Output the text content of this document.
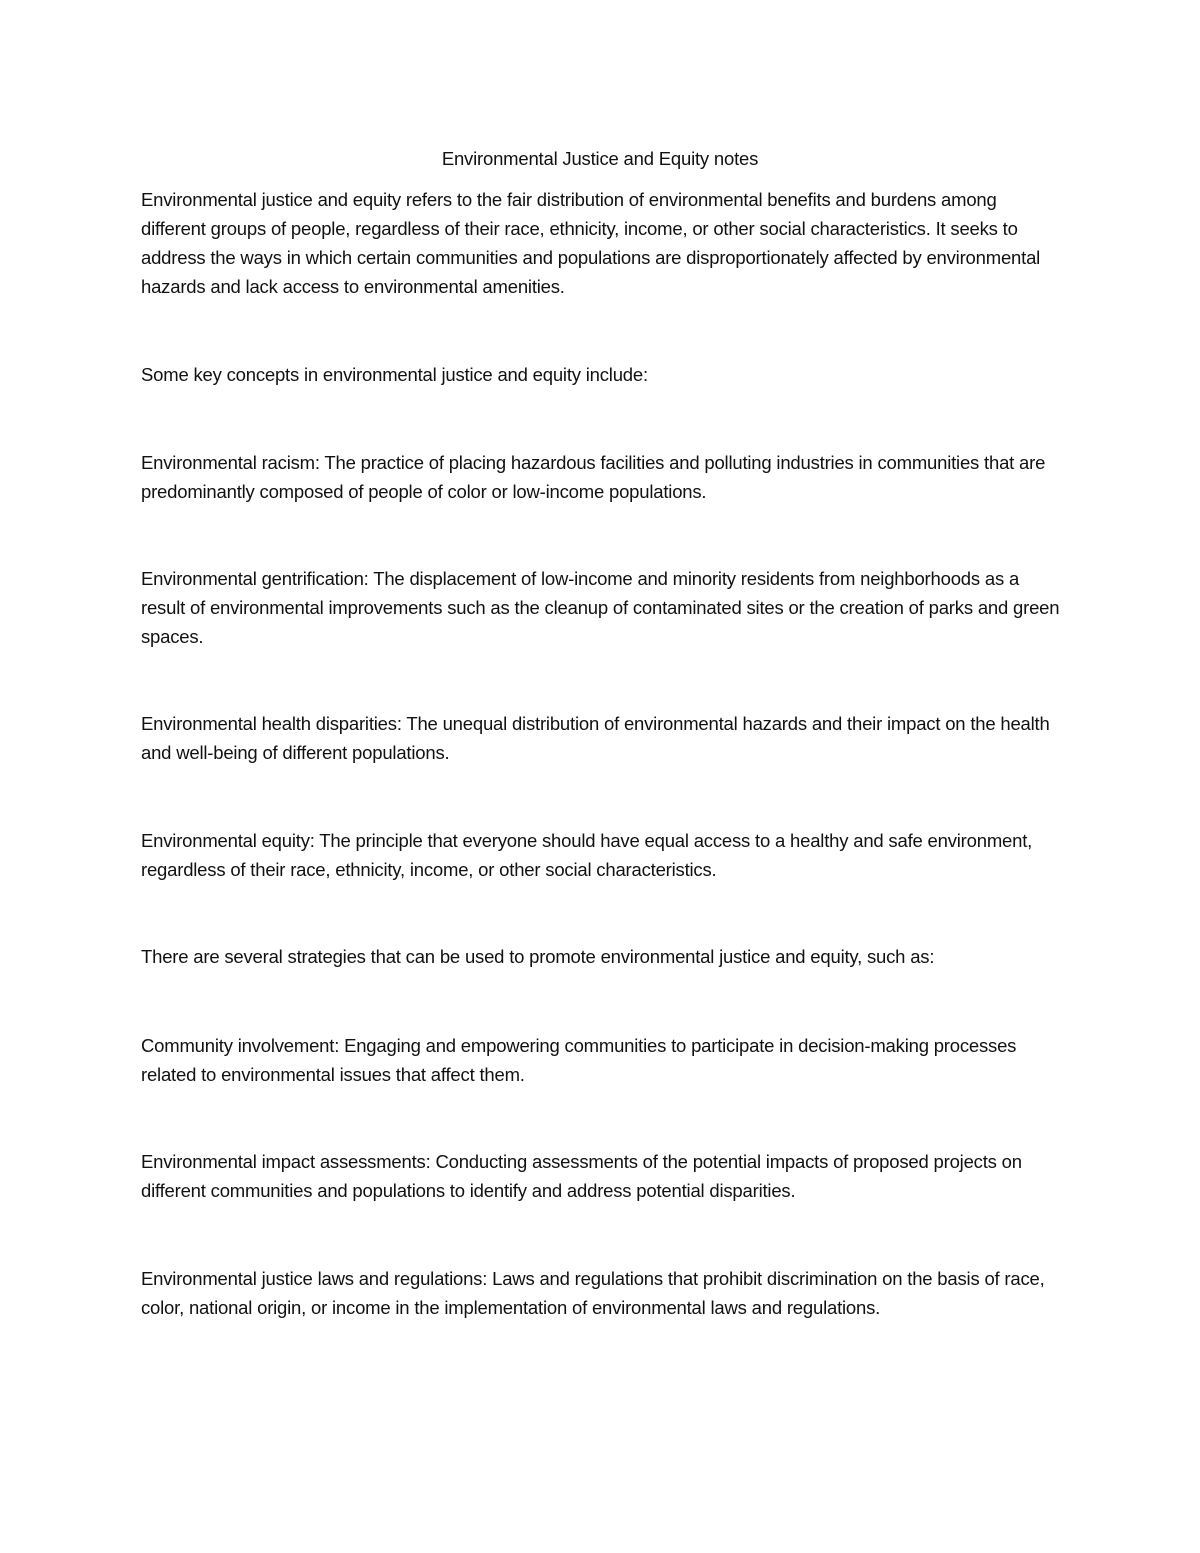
Environmental Justice and Equity notes

Environmental justice and equity refers to the fair distribution of environmental benefits and burdens among different groups of people, regardless of their race, ethnicity, income, or other social characteristics. It seeks to address the ways in which certain communities and populations are disproportionately affected by environmental hazards and lack access to environmental amenities.

Some key concepts in environmental justice and equity include:

Environmental racism: The practice of placing hazardous facilities and polluting industries in communities that are predominantly composed of people of color or low-income populations.

Environmental gentrification: The displacement of low-income and minority residents from neighborhoods as a result of environmental improvements such as the cleanup of contaminated sites or the creation of parks and green spaces.

Environmental health disparities: The unequal distribution of environmental hazards and their impact on the health and well-being of different populations.

Environmental equity: The principle that everyone should have equal access to a healthy and safe environment, regardless of their race, ethnicity, income, or other social characteristics.

There are several strategies that can be used to promote environmental justice and equity, such as:

Community involvement: Engaging and empowering communities to participate in decision-making processes related to environmental issues that affect them.

Environmental impact assessments: Conducting assessments of the potential impacts of proposed projects on different communities and populations to identify and address potential disparities.

Environmental justice laws and regulations: Laws and regulations that prohibit discrimination on the basis of race, color, national origin, or income in the implementation of environmental laws and regulations.
